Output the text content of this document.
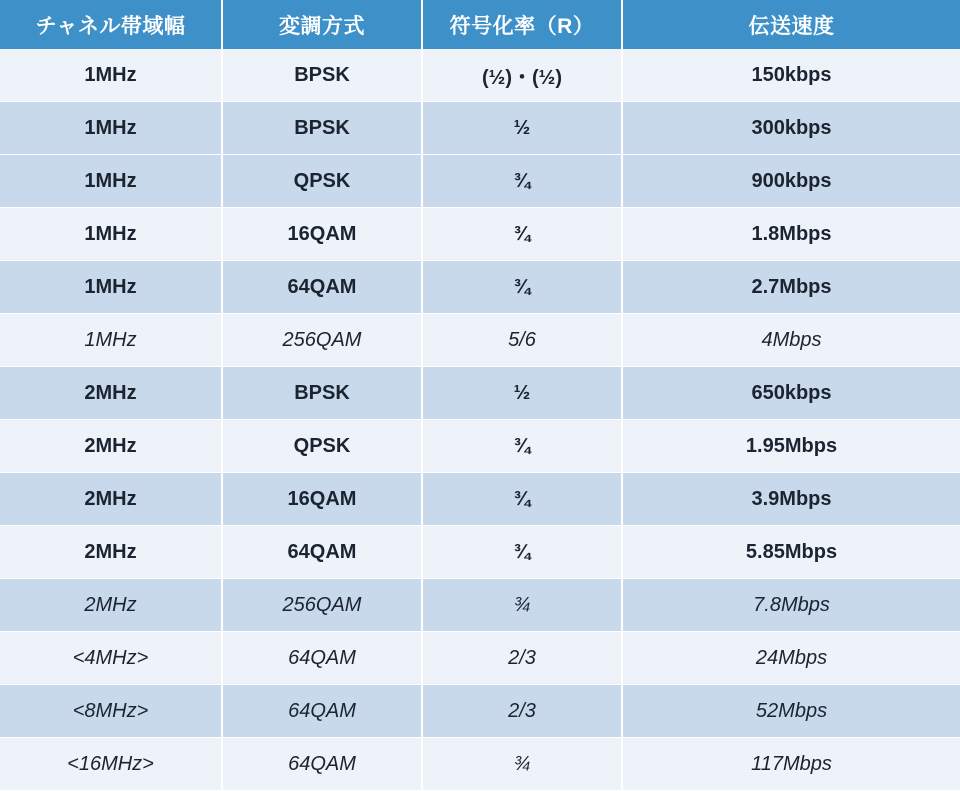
チャネル帯域幅	変調方式	符号化率（R）	伝送速度
1MHz	BPSK	(½)・(½)	150kbps
1MHz	BPSK	½	300kbps
1MHz	QPSK	¾	900kbps
1MHz	16QAM	¾	1.8Mbps
1MHz	64QAM	¾	2.7Mbps
1MHz	256QAM	5/6	4Mbps
2MHz	BPSK	½	650kbps
2MHz	QPSK	¾	1.95Mbps
2MHz	16QAM	¾	3.9Mbps
2MHz	64QAM	¾	5.85Mbps
2MHz	256QAM	¾	7.8Mbps
<4MHz>	64QAM	2/3	24Mbps
<8MHz>	64QAM	2/3	52Mbps
<16MHz>	64QAM	¾	117Mbps
